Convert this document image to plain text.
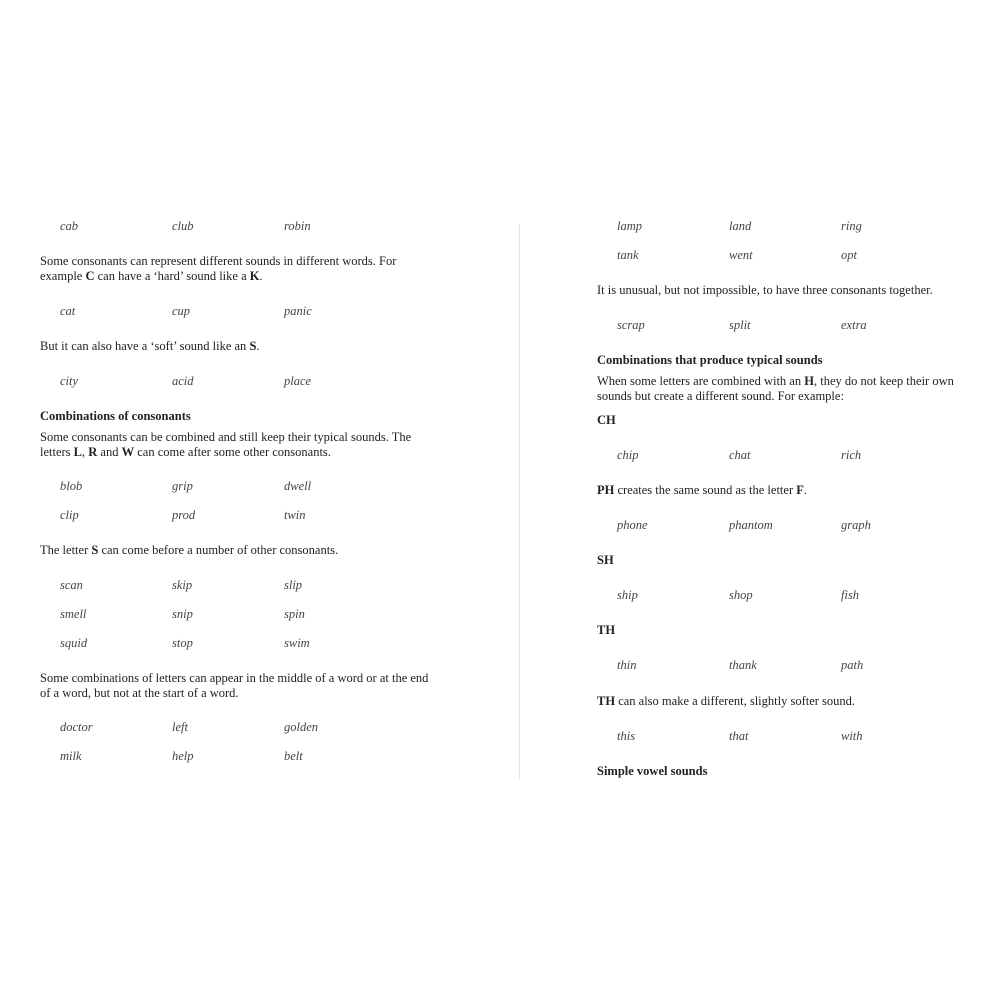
cab	club	robin
Some consonants can represent different sounds in different words. For
example C can have a ‘hard’ sound like a K.
cat	cup	panic
But it can also have a ‘soft’ sound like an S.
city	acid	place
Combinations of consonants
Some consonants can be combined and still keep their typical sounds. The
letters L, R and W can come after some other consonants.
blob	grip	dwell
clip	prod	twin
The letter S can come before a number of other consonants.
scan	skip	slip
smell	snip	spin
squid	stop	swim
Some combinations of letters can appear in the middle of a word or at the end
of a word, but not at the start of a word.
doctor	left	golden
milk	help	belt
lamp	land	ring
tank	went	opt
It is unusual, but not impossible, to have three consonants together.
scrap	split	extra
Combinations that produce typical sounds
When some letters are combined with an H, they do not keep their own
sounds but create a different sound. For example:
CH
chip	chat	rich
PH creates the same sound as the letter F.
phone	phantom	graph
SH
ship	shop	fish
TH
thin	thank	path
TH can also make a different, slightly softer sound.
this	that	with
Simple vowel sounds
